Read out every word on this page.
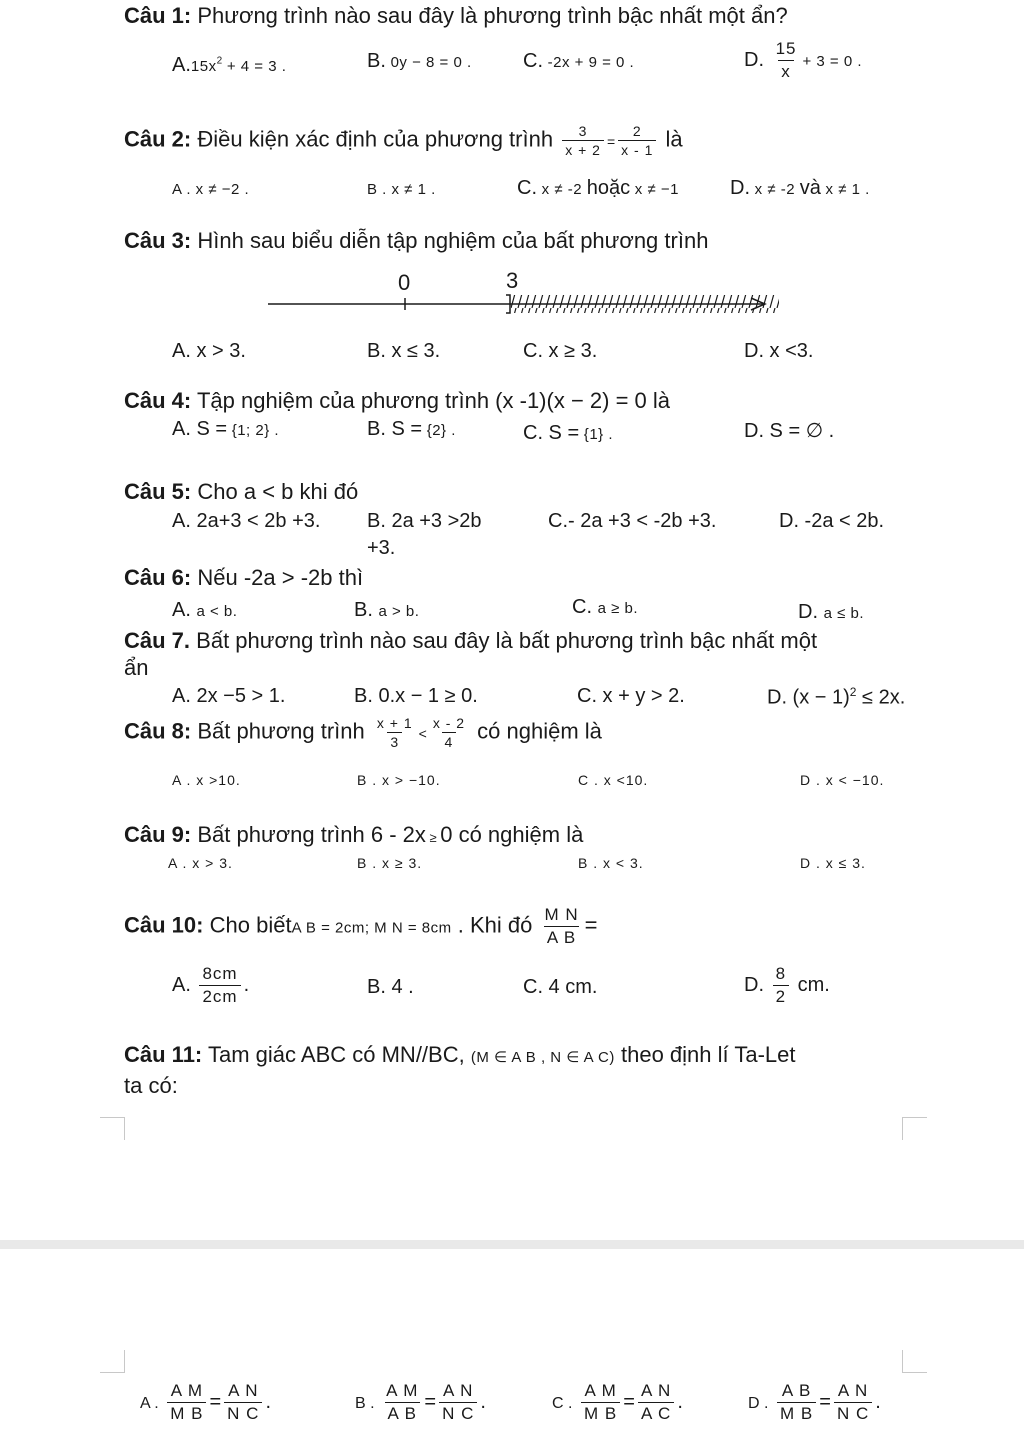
Câu 1: Phương trình nào sau đây là phương trình bậc nhất một ẩn?
$A.15x^2 + 4 = 3$ .	B. 0y − 8 = 0 .	C. -2x + 9 = 0 .	D. $\frac{15}{x} + 3 = 0$ .
Câu 2: Điều kiện xác định của phương trình $\frac{3}{x + 2} = \frac{2}{x - 1}$ là
A . x ≠ −2 .	B . x ≠ 1 .	C. x ≠ -2 hoặc x ≠ −1	D. x ≠ -2 và x ≠ 1 .
Câu 3: Hình sau biểu diễn tập nghiệm của bất phương trình
0	3
A. x > 3.	B. x ≤ 3.	C. x ≥ 3.	D. x <3.
Câu 4: Tập nghiệm của phương trình (x -1)(x − 2) = 0 là
A. S = {1; 2} .	B. S = {2} .	C. S = {1} .	D. S = ∅ .
Câu 5: Cho a < b khi đó
A. 2a+3 < 2b +3. B. 2a +3 >2b
+3.
C.- 2a +3 < -2b +3.	D. -2a < 2b.
Câu 6: Nếu -2a > -2b thì
A. a < b.	B. a > b.	C. a ≥ b.	D. a ≤ b.
Câu 7. Bất phương trình nào sau đây là bất phương trình bậc nhất một
ẩn
A. 2x −5 > 1.	B. 0.x − 1 ≥ 0.	C. x + y > 2.	D. $(x - 1)^2 \le 2x$.
Câu 8: Bất phương trình $\frac{x + 1}{3} < \frac{x - 2}{4}$ có nghiệm là
A . x >10.	B . x > −10.	C . x <10.	D . x < −10.
Câu 9: Bất phương trình 6 - 2x ≥ 0 có nghiệm là
A . x > 3.	B . x ≥ 3.	B . x < 3.	D . x ≤ 3.
Câu 10: Cho biếtA B = 2cm; M N = 8cm . Khi đó $\frac{\text{M N}}{\text{A B}}$ =
A. $\frac{8cm}{2cm}$ .	B. 4 .	C. 4 cm.	D. $\frac{8}{2}$ cm.
Câu 11: Tam giác ABC có MN//BC, (M ∈ A B , N ∈ A C) theo định lí Ta-Let
ta có:
A . $\frac{\text{A M}}{\text{M B}} = \frac{\text{A N}}{\text{N C}}$ .	B . $\frac{\text{A M}}{\text{A B}} = \frac{\text{A N}}{\text{N C}}$ .	C . $\frac{\text{A M}}{\text{M B}} = \frac{\text{A N}}{\text{A C}}$ .	D . $\frac{\text{A B}}{\text{M B}} = \frac{\text{A N}}{\text{N C}}$ .
